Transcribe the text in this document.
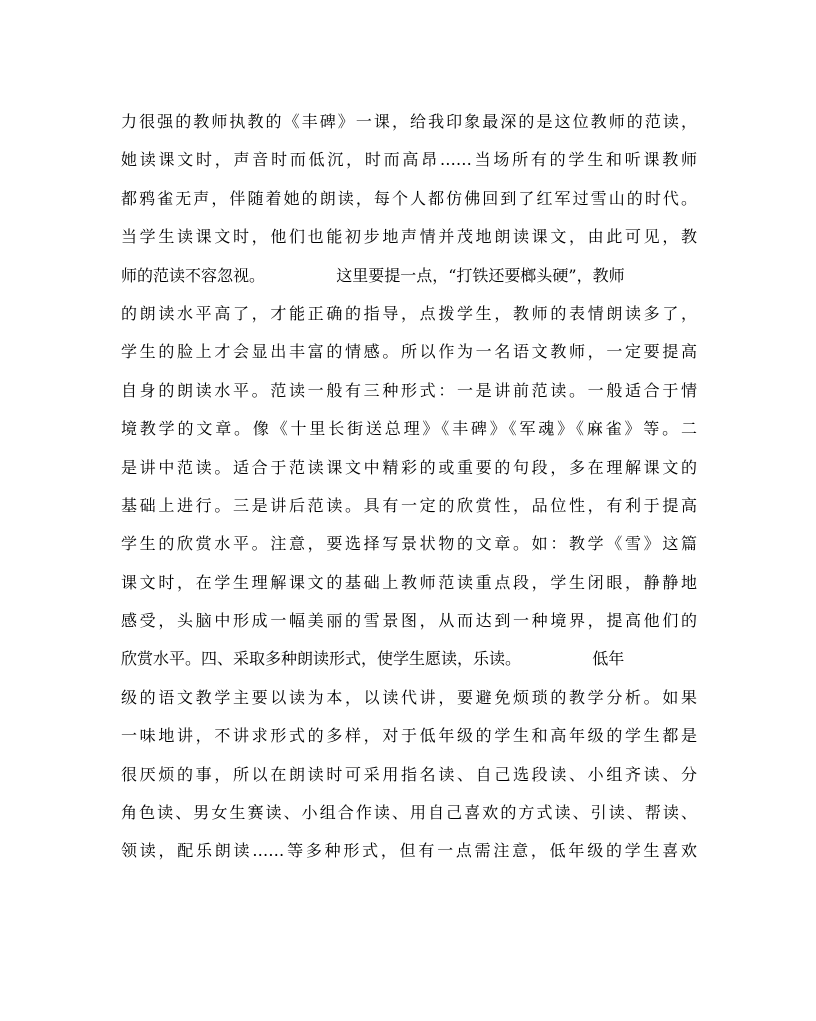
力很强的教师执教的《丰碑》一课，给我印象最深的是这位教师的范读，
她读课文时，声音时而低沉，时而高昂……当场所有的学生和听课教师
都鸦雀无声，伴随着她的朗读，每个人都仿佛回到了红军过雪山的时代。
当学生读课文时，他们也能初步地声情并茂地朗读课文，由此可见，教
师的范读不容忽视。              这里要提一点，“打铁还要榔头硬”，教师
的朗读水平高了，才能正确的指导，点拨学生，教师的表情朗读多了，
学生的脸上才会显出丰富的情感。所以作为一名语文教师，一定要提高
自身的朗读水平。范读一般有三种形式：一是讲前范读。一般适合于情
境教学的文章。像《十里长街送总理》《丰碑》《军魂》《麻雀》等。二
是讲中范读。适合于范读课文中精彩的或重要的句段，多在理解课文的
基础上进行。三是讲后范读。具有一定的欣赏性，品位性，有利于提高
学生的欣赏水平。注意，要选择写景状物的文章。如：教学《雪》这篇
课文时，在学生理解课文的基础上教师范读重点段，学生闭眼，静静地
感受，头脑中形成一幅美丽的雪景图，从而达到一种境界，提高他们的
欣赏水平。四、采取多种朗读形式，使学生愿读，乐读。              低年
级的语文教学主要以读为本，以读代讲，要避免烦琐的教学分析。如果
一味地讲，不讲求形式的多样，对于低年级的学生和高年级的学生都是
很厌烦的事，所以在朗读时可采用指名读、自己选段读、小组齐读、分
角色读、男女生赛读、小组合作读、用自己喜欢的方式读、引读、帮读、
领读，配乐朗读……等多种形式，但有一点需注意，低年级的学生喜欢
